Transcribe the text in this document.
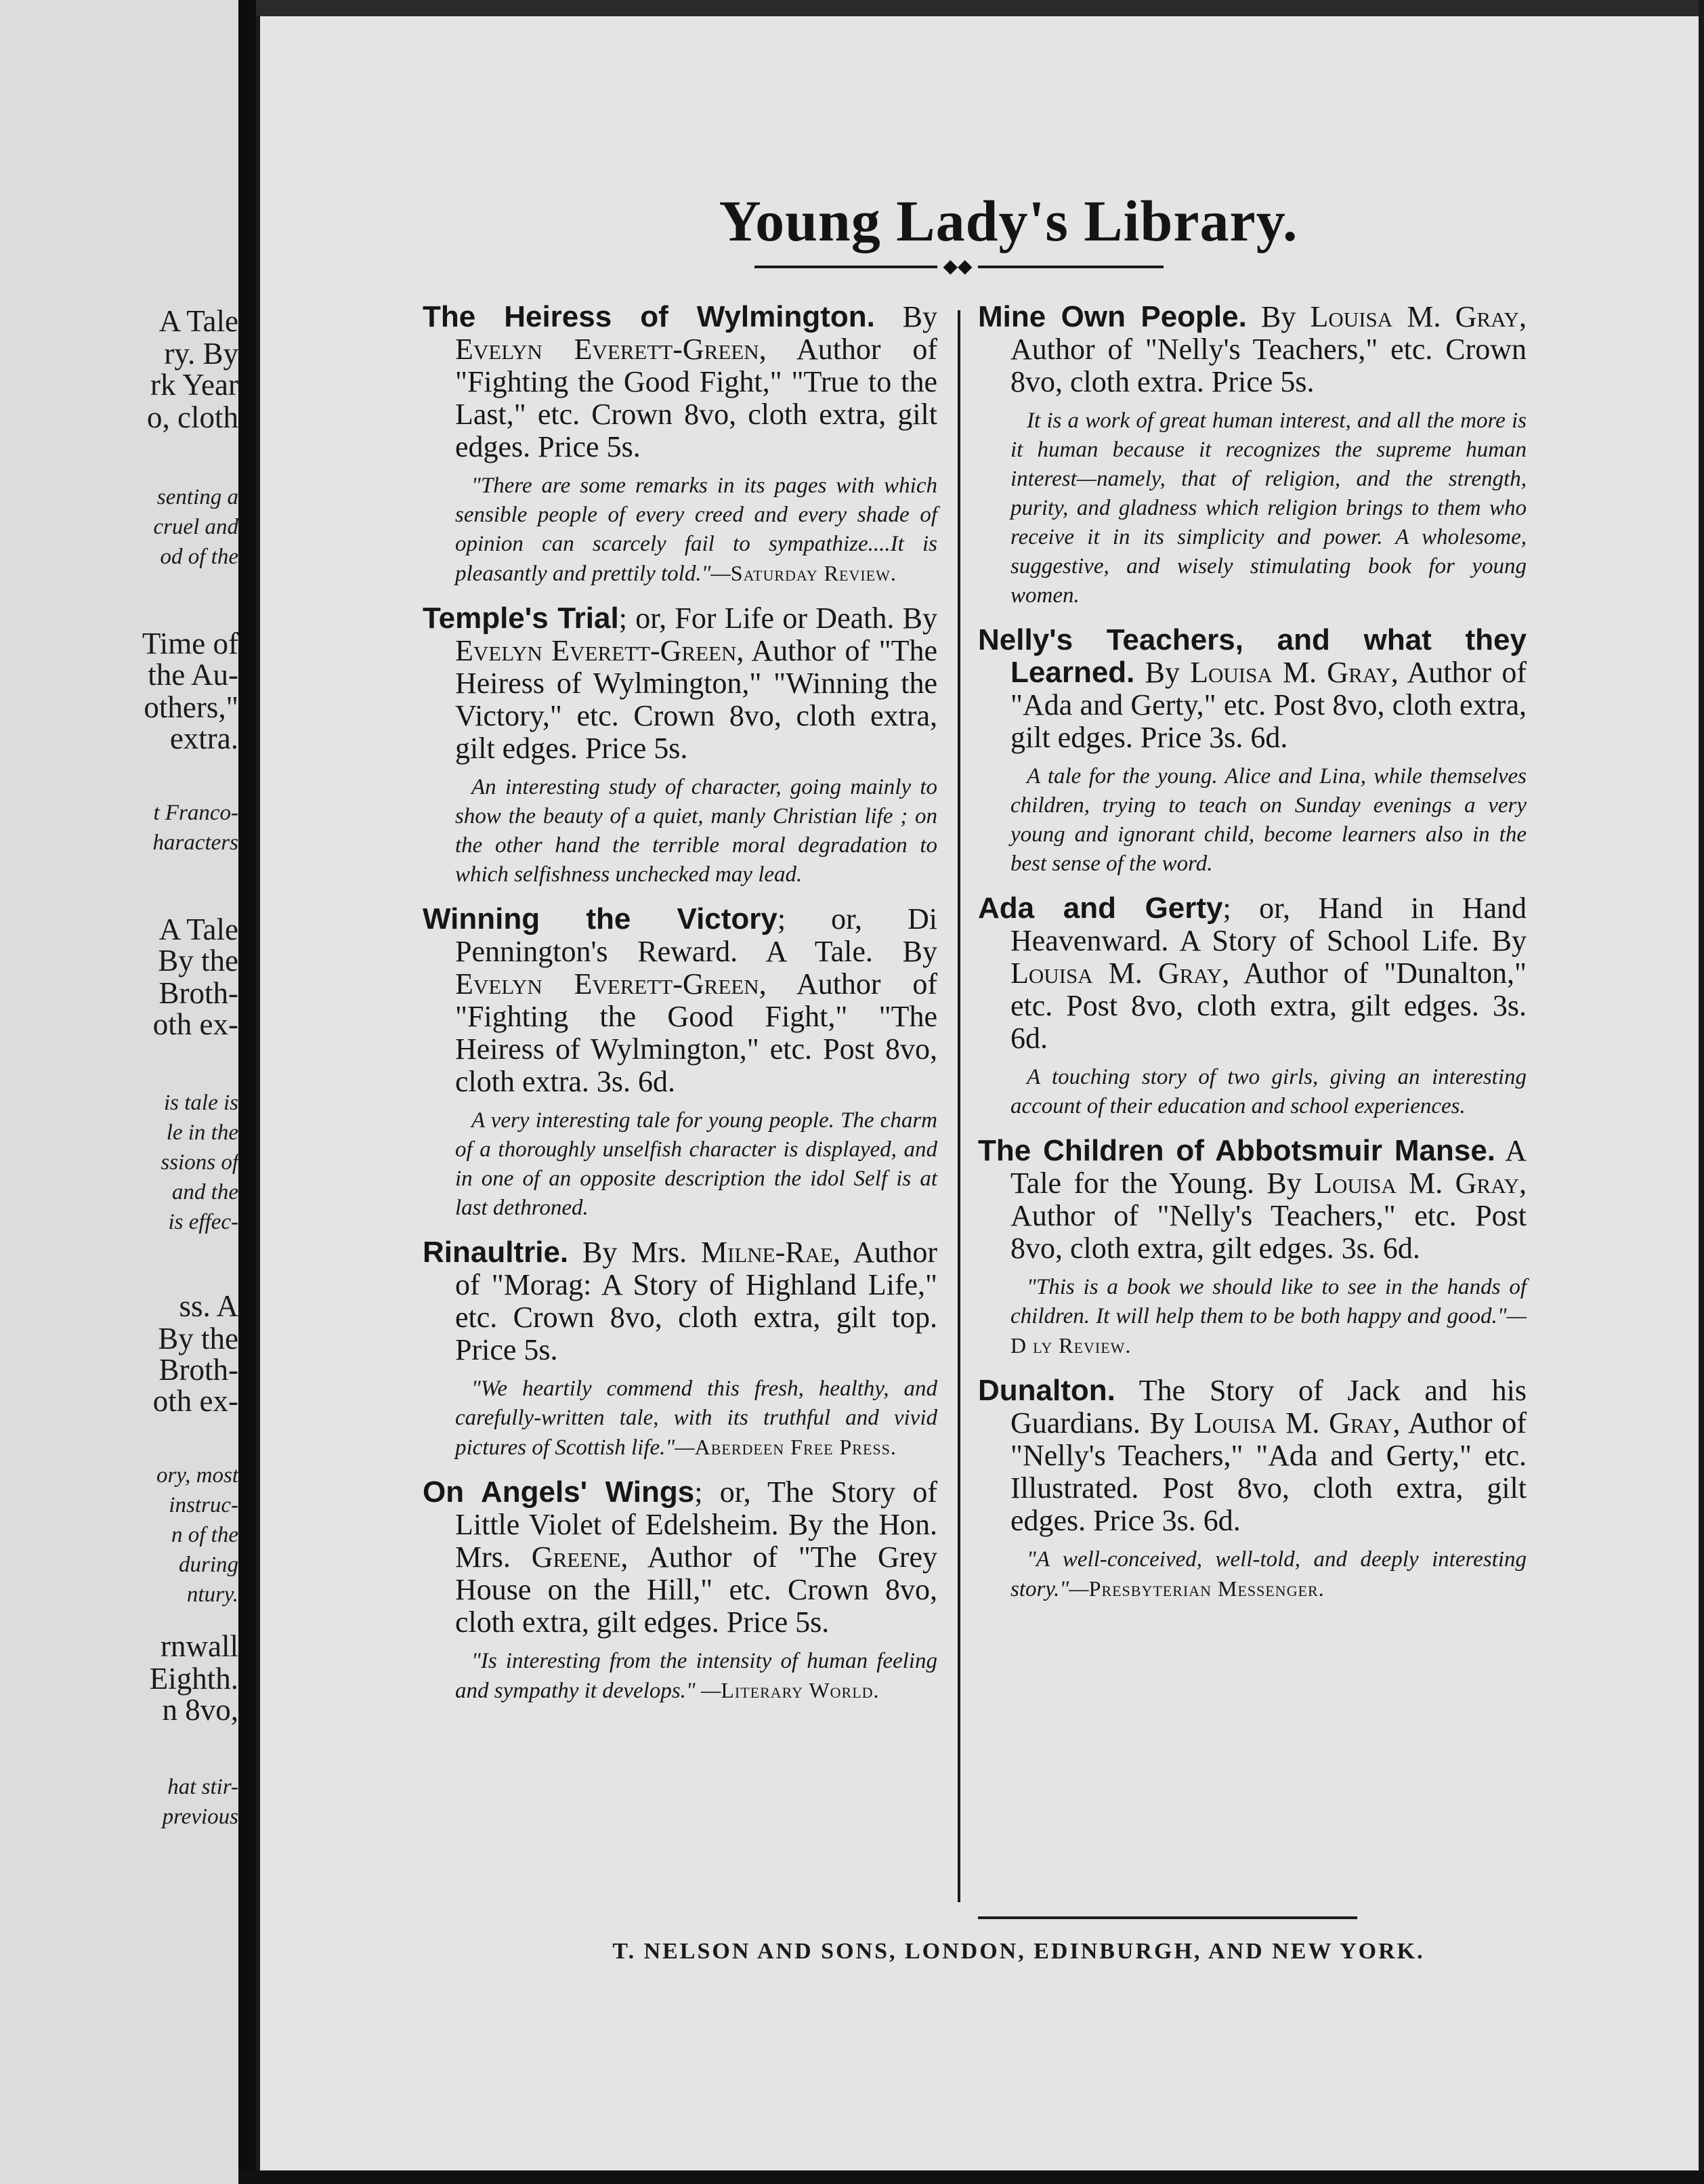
A Tale
ry. By
rk Year
o, cloth
senting a
cruel and
od of the
Time of
the Au-
others,"
extra.
t Franco-
haracters
A Tale
By the
Broth-
oth ex-
is tale is
le in the
ssions of
and the
is effec-
ss. A
By the
Broth-
oth ex-
ory, most
instruc-
n of the
during
ntury.
rnwall
Eighth.
n 8vo,
hat stir-
previous
Young Lady's Library.
◆◆
The Heiress of Wylmington. By Evelyn Everett-Green, Author of "Fighting the Good Fight," "True to the Last," etc. Crown 8vo, cloth extra, gilt edges. Price 5s.
"There are some remarks in its pages with which sensible people of every creed and every shade of opinion can scarcely fail to sympathize....It is pleasantly and prettily told."—Saturday Review.
Temple's Trial; or, For Life or Death. By Evelyn Everett-Green, Author of "The Heiress of Wylmington," "Winning the Victory," etc. Crown 8vo, cloth extra, gilt edges. Price 5s.
An interesting study of character, going mainly to show the beauty of a quiet, manly Christian life ; on the other hand the terrible moral degradation to which selfishness unchecked may lead.
Winning the Victory; or, Di Pennington's Reward. A Tale. By Evelyn Everett-Green, Author of "Fighting the Good Fight," "The Heiress of Wylmington," etc. Post 8vo, cloth extra. 3s. 6d.
A very interesting tale for young people. The charm of a thoroughly unselfish character is displayed, and in one of an opposite description the idol Self is at last dethroned.
Rinaultrie. By Mrs. Milne-Rae, Author of "Morag: A Story of Highland Life," etc. Crown 8vo, cloth extra, gilt top. Price 5s.
"We heartily commend this fresh, healthy, and carefully-written tale, with its truthful and vivid pictures of Scottish life."—Aberdeen Free Press.
On Angels' Wings; or, The Story of Little Violet of Edelsheim. By the Hon. Mrs. Greene, Author of "The Grey House on the Hill," etc. Crown 8vo, cloth extra, gilt edges. Price 5s.
"Is interesting from the intensity of human feeling and sympathy it develops." —Literary World.
Mine Own People. By Louisa M. Gray, Author of "Nelly's Teachers," etc. Crown 8vo, cloth extra. Price 5s.
It is a work of great human interest, and all the more is it human because it recognizes the supreme human interest—namely, that of religion, and the strength, purity, and gladness which religion brings to them who receive it in its simplicity and power. A wholesome, suggestive, and wisely stimulating book for young women.
Nelly's Teachers, and what they Learned. By Louisa M. Gray, Author of "Ada and Gerty," etc. Post 8vo, cloth extra, gilt edges. Price 3s. 6d.
A tale for the young. Alice and Lina, while themselves children, trying to teach on Sunday evenings a very young and ignorant child, become learners also in the best sense of the word.
Ada and Gerty; or, Hand in Hand Heavenward. A Story of School Life. By Louisa M. Gray, Author of "Dunalton," etc. Post 8vo, cloth extra, gilt edges. 3s. 6d.
A touching story of two girls, giving an interesting account of their education and school experiences.
The Children of Abbotsmuir Manse. A Tale for the Young. By Louisa M. Gray, Author of "Nelly's Teachers," etc. Post 8vo, cloth extra, gilt edges. 3s. 6d.
"This is a book we should like to see in the hands of children. It will help them to be both happy and good."—D ly Review.
Dunalton. The Story of Jack and his Guardians. By Louisa M. Gray, Author of "Nelly's Teachers," "Ada and Gerty," etc. Illustrated. Post 8vo, cloth extra, gilt edges. Price 3s. 6d.
"A well-conceived, well-told, and deeply interesting story."—Presbyterian Messenger.
T. NELSON AND SONS, LONDON, EDINBURGH, AND NEW YORK.
